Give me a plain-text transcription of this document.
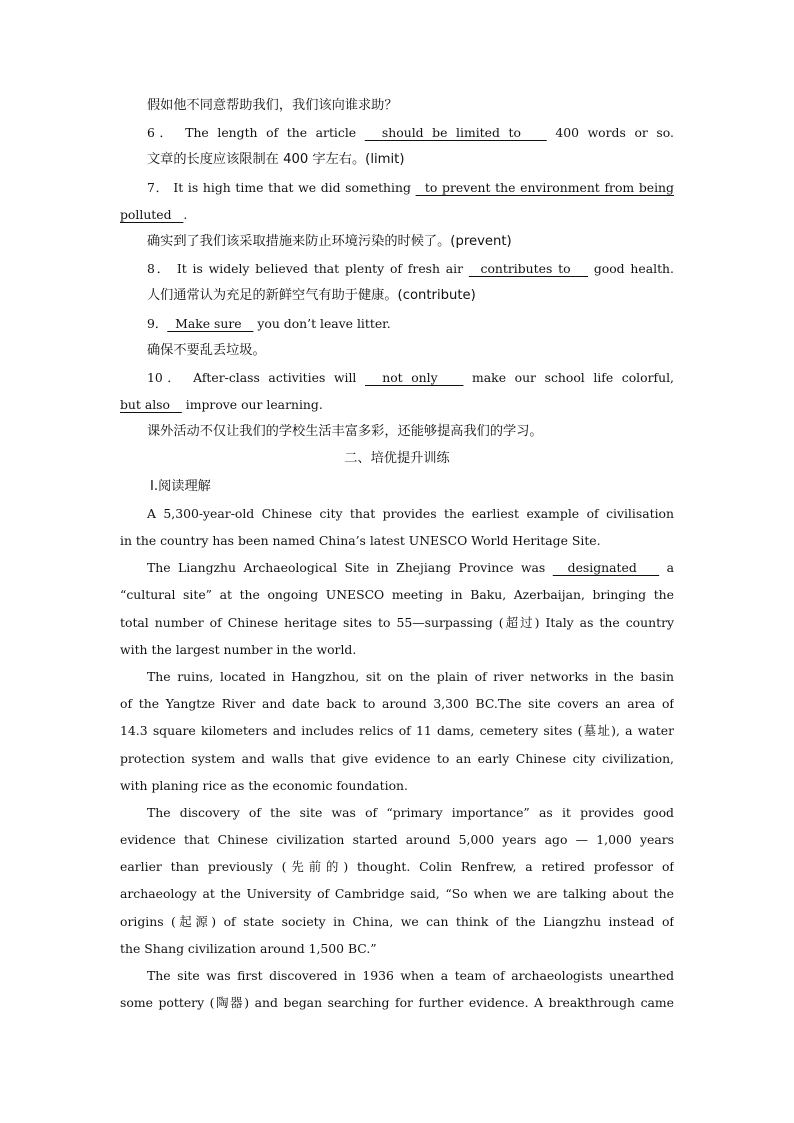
假如他不同意帮助我们，我们该向谁求助？
6． The length of the article   should be limited to    400 words or so.
文章的长度应该限制在 400 字左右。(limit)
7． It is high time that we did something   to prevent the environment from being
polluted   .
确实到了我们该采取措施来防止环境污染的时候了。(prevent)
8． It is widely believed that plenty of fresh air   contributes to    good health.
人们通常认为充足的新鲜空气有助于健康。(contribute)
9．  Make sure    you don’t leave litter.
确保不要乱丢垃圾。
10． After-class activities will   not only    make our school life colorful,
but also    improve our learning.
课外活动不仅让我们的学校生活丰富多彩，还能够提高我们的学习。
二、培优提升训练
Ⅰ.阅读理解
A 5,300-year-old Chinese city that provides the earliest example of civilisation
in the country has been named China’s latest UNESCO World Heritage Site.
The Liangzhu Archaeological Site in Zhejiang Province was   designated    a
“cultural site” at the ongoing UNESCO meeting in Baku, Azerbaijan, bringing the
total number of Chinese heritage sites to 55—surpassing (超过) Italy as the country
with the largest number in the world.
The ruins, located in Hangzhou, sit on the plain of river networks in the basin
of the Yangtze River and date back to around 3,300 BC.The site covers an area of
14.3 square kilometers and includes relics of 11 dams, cemetery sites (墓址), a water
protection system and walls that give evidence to an early Chinese city civilization,
with planing rice as the economic foundation.
The discovery of the site was of “primary importance” as it provides good
evidence that Chinese civilization started around 5,000 years ago — 1,000 years
earlier than previously (先前的) thought. Colin Renfrew, a retired professor of
archaeology at the University of Cambridge said, “So when we are talking about the
origins (起源) of state society in China, we can think of the Liangzhu instead of
the Shang civilization around 1,500 BC.”
The site was first discovered in 1936 when a team of archaeologists unearthed
some pottery (陶器) and began searching for further evidence. A breakthrough came
